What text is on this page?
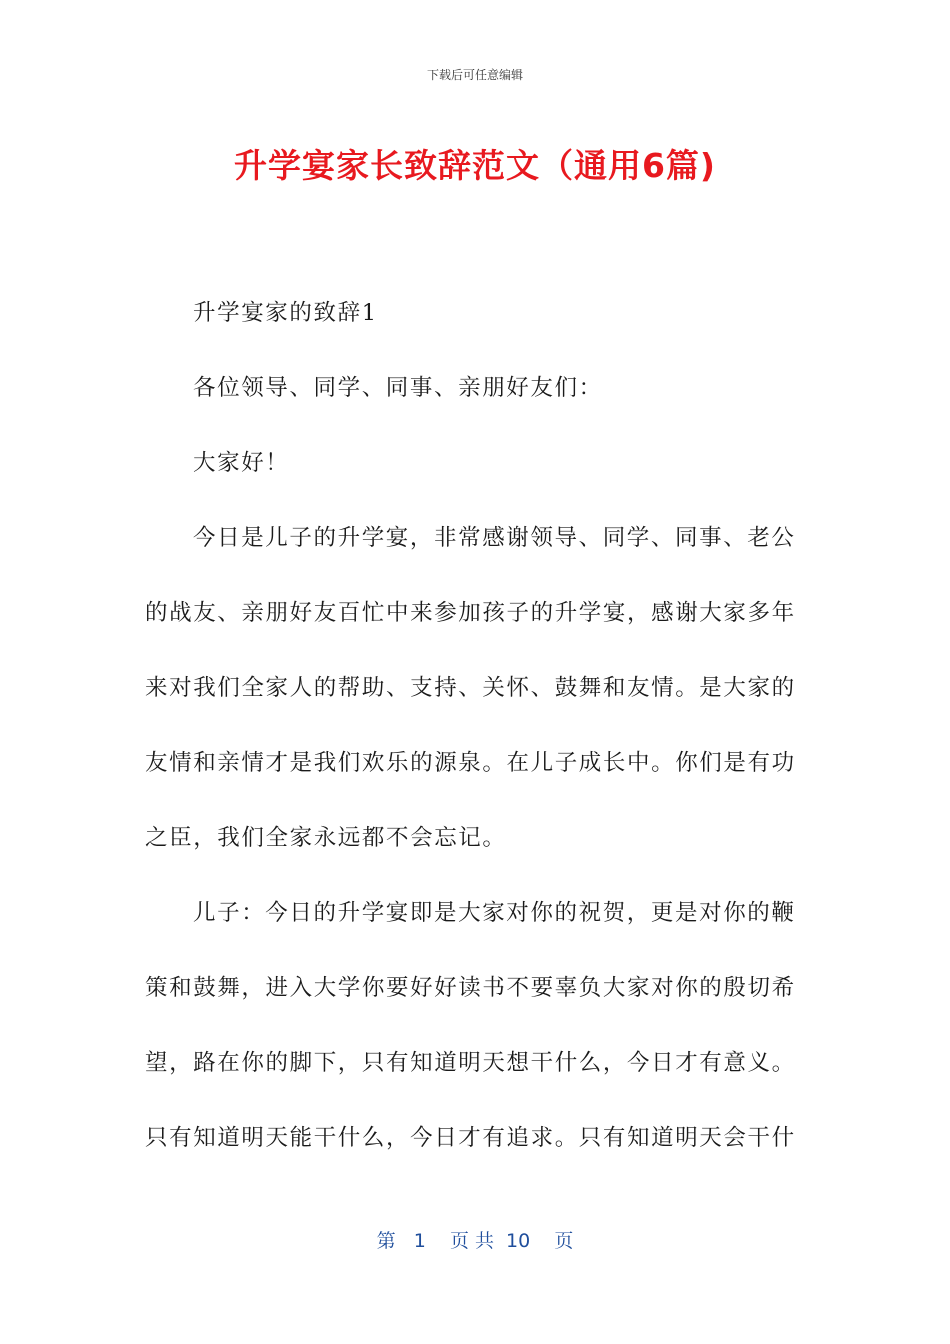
下载后可任意编辑
升学宴家长致辞范文（通用6篇)
升学宴家的致辞1
各位领导、同学、同事、亲朋好友们：
大家好！
今日是儿子的升学宴，非常感谢领导、同学、同事、老公
的战友、亲朋好友百忙中来参加孩子的升学宴，感谢大家多年
来对我们全家人的帮助、支持、关怀、鼓舞和友情。是大家的
友情和亲情才是我们欢乐的源泉。在儿子成长中。你们是有功
之臣，我们全家永远都不会忘记。
儿子：今日的升学宴即是大家对你的祝贺，更是对你的鞭
策和鼓舞，进入大学你要好好读书不要辜负大家对你的殷切希
望，路在你的脚下，只有知道明天想干什么，今日才有意义。
只有知道明天能干什么，今日才有追求。只有知道明天会干什
第   1    页 共  10    页
